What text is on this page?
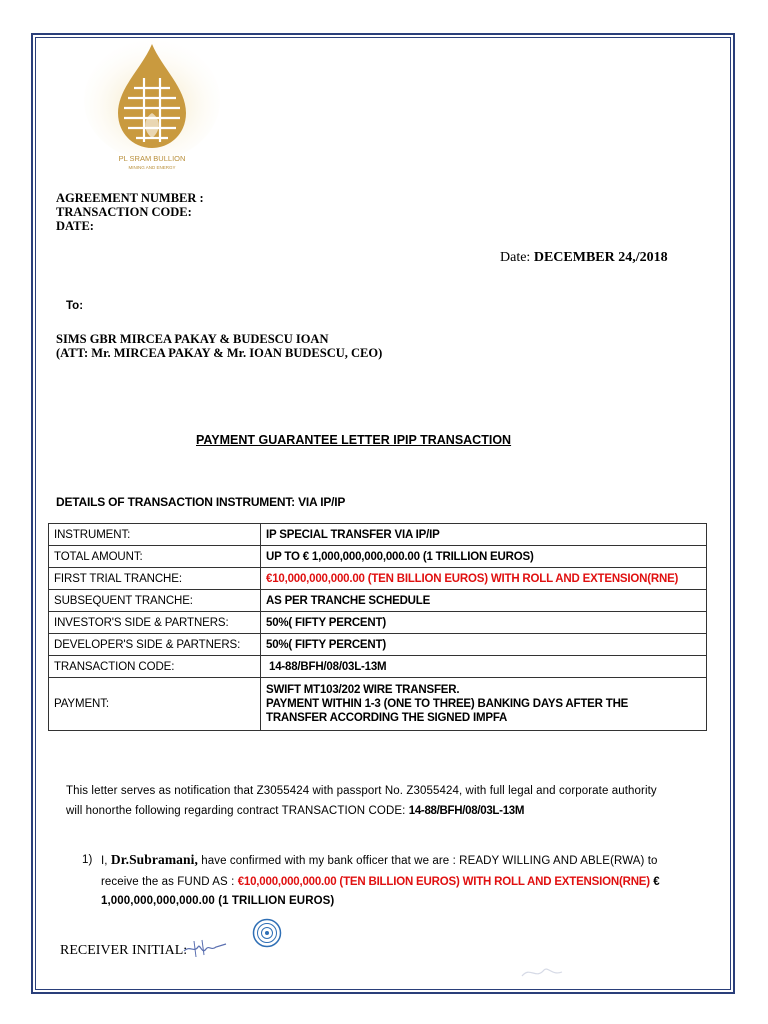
PL SRAM BULLION
MINING AND ENERGY
AGREEMENT NUMBER :
TRANSACTION CODE:
DATE:
Date: DECEMBER 24,/2018
To:
SIMS GBR MIRCEA PAKAY & BUDESCU IOAN
(ATT: Mr. MIRCEA PAKAY & Mr. IOAN BUDESCU, CEO)
PAYMENT GUARANTEE LETTER IPIP TRANSACTION
DETAILS OF TRANSACTION INSTRUMENT: VIA IP/IP
INSTRUMENT:	IP SPECIAL TRANSFER VIA IP/IP
TOTAL AMOUNT:	UP TO € 1,000,000,000,000.00 (1 TRILLION EUROS)
FIRST TRIAL TRANCHE:	€10,000,000,000.00 (TEN BILLION EUROS) WITH ROLL AND EXTENSION(RNE)
SUBSEQUENT TRANCHE:	AS PER TRANCHE SCHEDULE
INVESTOR'S SIDE & PARTNERS:	50%( FIFTY PERCENT)
DEVELOPER'S SIDE & PARTNERS:	50%( FIFTY PERCENT)
TRANSACTION CODE:	14-88/BFH/08/03L-13M
PAYMENT:	SWIFT MT103/202 WIRE TRANSFER.
PAYMENT WITHIN 1-3 (ONE TO THREE) BANKING DAYS AFTER THE
TRANSFER ACCORDING THE SIGNED IMPFA
This letter serves as notification that Z3055424 with passport No. Z3055424, with full legal and corporate authority
will honorthe following regarding contract TRANSACTION CODE: 14-88/BFH/08/03L-13M
1) I, Dr.Subramani, have confirmed with my bank officer that we are : READY WILLING AND ABLE(RWA) to
receive the as FUND AS : €10,000,000,000.00 (TEN BILLION EUROS) WITH ROLL AND EXTENSION(RNE) €
1,000,000,000,000.00 (1 TRILLION EUROS)
RECEIVER INITIAL:
